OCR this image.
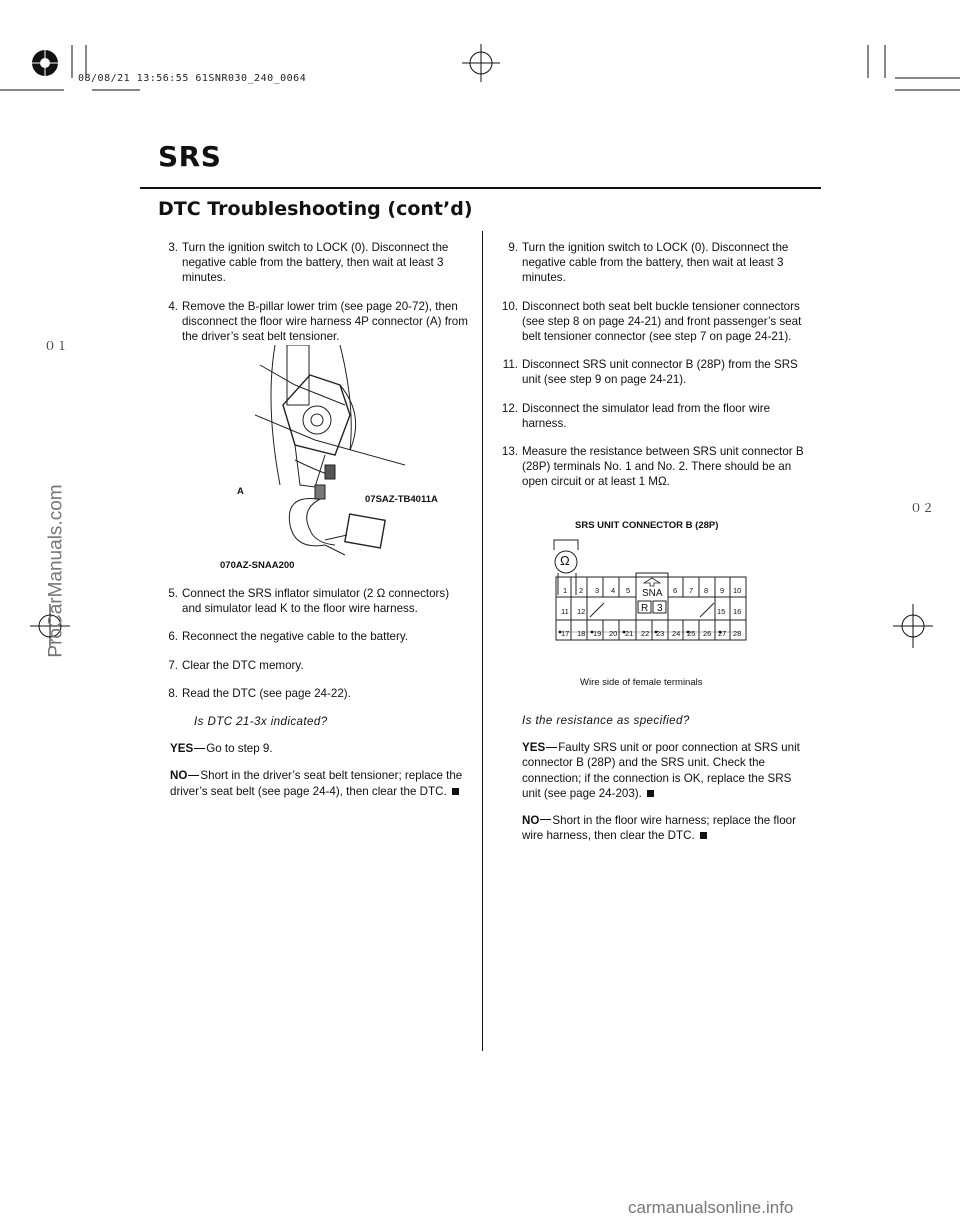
08/08/21 13:56:55 61SNR030_240_0064
SRS
DTC Troubleshooting (cont’d)
０１
０２
ProCarManuals.com
carmanualsonline.info
3. Turn the ignition switch to LOCK (0). Disconnect the negative cable from the battery, then wait at least 3 minutes.
4. Remove the B-pillar lower trim (see page 20-72), then disconnect the floor wire harness 4P connector (A) from the driver’s seat belt tensioner.
A
07SAZ-TB4011A
070AZ-SNAA200
5. Connect the SRS inflator simulator (2 Ω connectors) and simulator lead K to the floor wire harness.
6. Reconnect the negative cable to the battery.
7. Clear the DTC memory.
8. Read the DTC (see page 24-22).
Is DTC 21-3x indicated?
YES Go to step 9.
NO Short in the driver’s seat belt tensioner; replace the driver’s seat belt (see page 24-4), then clear the DTC.
9. Turn the ignition switch to LOCK (0). Disconnect the negative cable from the battery, then wait at least 3 minutes.
10. Disconnect both seat belt buckle tensioner connectors (see step 8 on page 24-21) and front passenger’s seat belt tensioner connector (see step 7 on page 24-21).
11. Disconnect SRS unit connector B (28P) from the SRS unit (see step 9 on page 24-21).
12. Disconnect the simulator lead from the floor wire harness.
13. Measure the resistance between SRS unit connector B (28P) terminals No. 1 and No. 2. There should be an open circuit or at least 1 MΩ.
SRS UNIT CONNECTOR B (28P)
Ω
SNA
R 3
1 2 3 4 5	6 7 8 9 10
11 12	15 16
17 18 19 20 21 22 23 24 25 26 27 28
Wire side of female terminals
Is the resistance as specified?
YES Faulty SRS unit or poor connection at SRS unit connector B (28P) and the SRS unit. Check the connection; if the connection is OK, replace the SRS unit (see page 24-203).
NO Short in the floor wire harness; replace the floor wire harness, then clear the DTC.
